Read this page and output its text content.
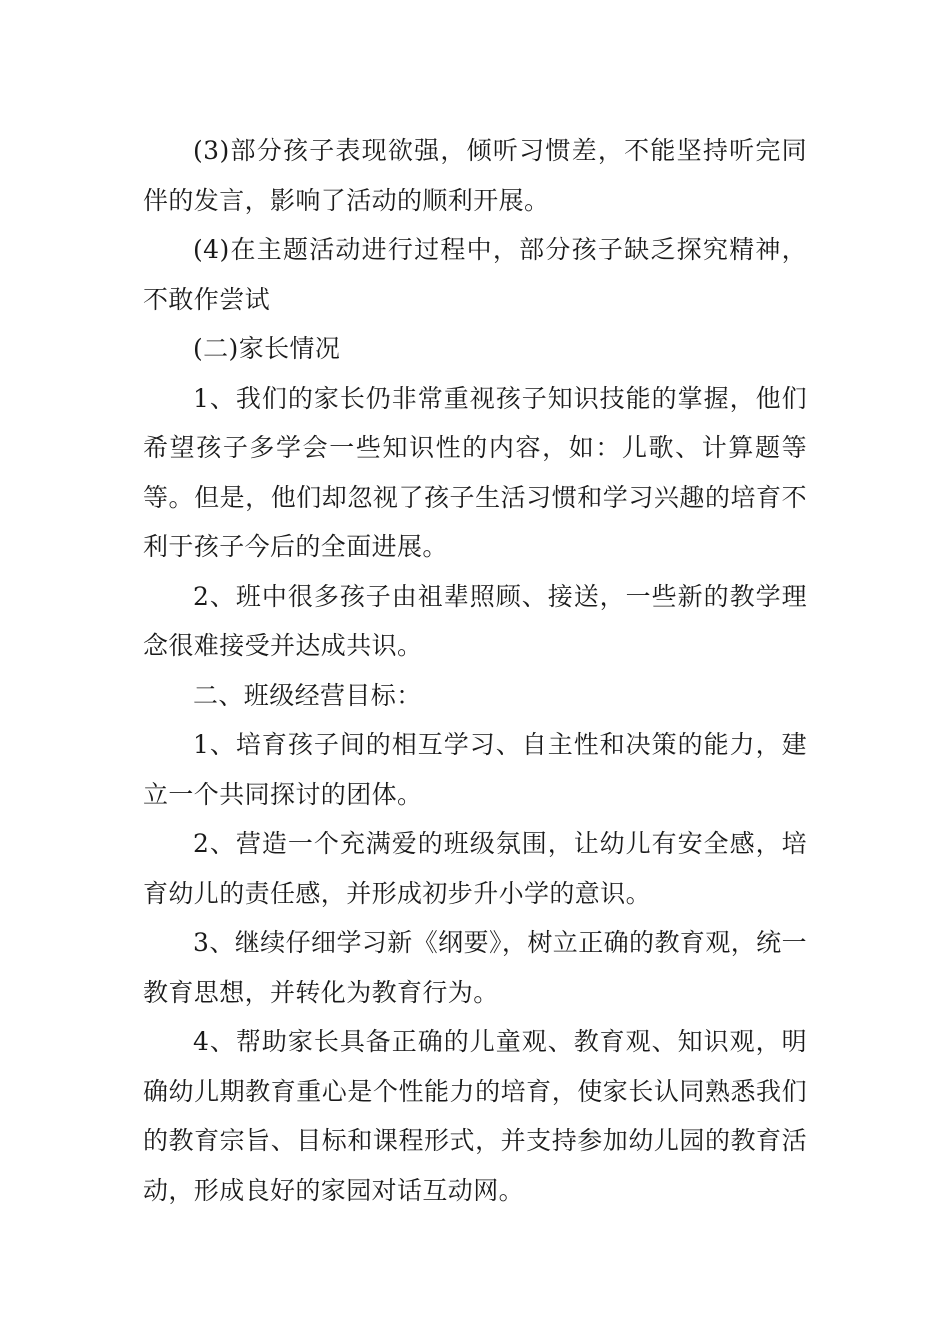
(3)部分孩子表现欲强，倾听习惯差，不能坚持听完同伴的发言，影响了活动的顺利开展。

(4)在主题活动进行过程中，部分孩子缺乏探究精神，不敢作尝试

(二)家长情况

1、我们的家长仍非常重视孩子知识技能的掌握，他们希望孩子多学会一些知识性的内容，如：儿歌、计算题等等。但是，他们却忽视了孩子生活习惯和学习兴趣的培育不利于孩子今后的全面进展。

2、班中很多孩子由祖辈照顾、接送，一些新的教学理念很难接受并达成共识。

二、班级经营目标：

1、培育孩子间的相互学习、自主性和决策的能力，建立一个共同探讨的团体。

2、营造一个充满爱的班级氛围，让幼儿有安全感，培育幼儿的责任感，并形成初步升小学的意识。

3、继续仔细学习新《纲要》，树立正确的教育观，统一教育思想，并转化为教育行为。

4、帮助家长具备正确的儿童观、教育观、知识观，明确幼儿期教育重心是个性能力的培育，使家长认同熟悉我们的教育宗旨、目标和课程形式，并支持参加幼儿园的教育活动，形成良好的家园对话互动网。
